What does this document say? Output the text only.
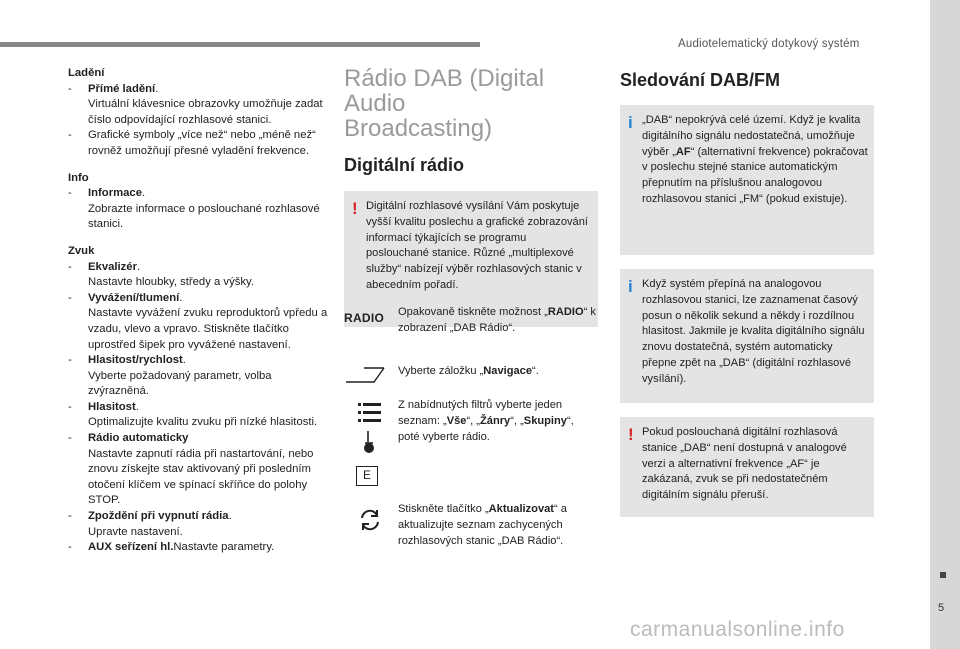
Audiotelematický dotykový systém
5
carmanualsonline.info
Ladění
- Přímé ladění.
Virtuální klávesnice obrazovky umožňuje zadat číslo odpovídající rozhlasové stanici.
- Grafické symboly „více než“ nebo „méně než“ rovněž umožňují přesné vyladění frekvence.
Info
- Informace.
Zobrazte informace o poslouchané rozhlasové stanici.
Zvuk
- Ekvalizér.
Nastavte hloubky, středy a výšky.
- Vyvážení/tlumení.
Nastavte vyvážení zvuku reproduktorů vpředu a vzadu, vlevo a vpravo. Stiskněte tlačítko uprostřed šipek pro vyvážené nastavení.
- Hlasitost/rychlost.
Vyberte požadovaný parametr, volba zvýrazněná.
- Hlasitost.
Optimalizujte kvalitu zvuku při nízké hlasitosti.
- Rádio automaticky
Nastavte zapnutí rádia při nastartování, nebo znovu získejte stav aktivovaný při posledním otočení klíčem ve spínací skříňce do polohy STOP.
- Zpoždění při vypnutí rádia.
Upravte nastavení.
- AUX seřízení hl.Nastavte parametry.
Rádio DAB (Digital Audio
Broadcasting)
Digitální rádio
! Digitální rozhlasové vysílání Vám poskytuje vyšší kvalitu poslechu a grafické zobrazování informací týkajících se programu poslouchané stanice. Různé „multiplexové služby“ nabízejí výběr rozhlasových stanic v abecedním pořadí.
RADIO Opakovaně tiskněte možnost „RADIO“ k zobrazení „DAB Rádio“.
Vyberte záložku „Navigace“.
E
Z nabídnutých filtrů vyberte jeden seznam: „Vše“, „Žánry“, „Skupiny“, poté vyberte rádio.
Stiskněte tlačítko „Aktualizovat“ a aktualizujte seznam zachycených rozhlasových stanic „DAB Rádio“.
Sledování DAB/FM
i „DAB“ nepokrývá celé území. Když je kvalita digitálního signálu nedostatečná, umožňuje výběr „AF“ (alternativní frekvence) pokračovat v poslechu stejné stanice automatickým přepnutím na příslušnou analogovou rozhlasovou stanici „FM“ (pokud existuje).
i Když systém přepíná na analogovou rozhlasovou stanici, lze zaznamenat časový posun o několik sekund a někdy i rozdílnou hlasitost. Jakmile je kvalita digitálního signálu znovu dostatečná, systém automaticky přepne zpět na „DAB“ (digitální rozhlasové vysílání).
! Pokud poslouchaná digitální rozhlasová stanice „DAB“ není dostupná v analogové verzi a alternativní frekvence „AF“ je zakázaná, zvuk se při nedostatečném digitálním signálu přeruší.
